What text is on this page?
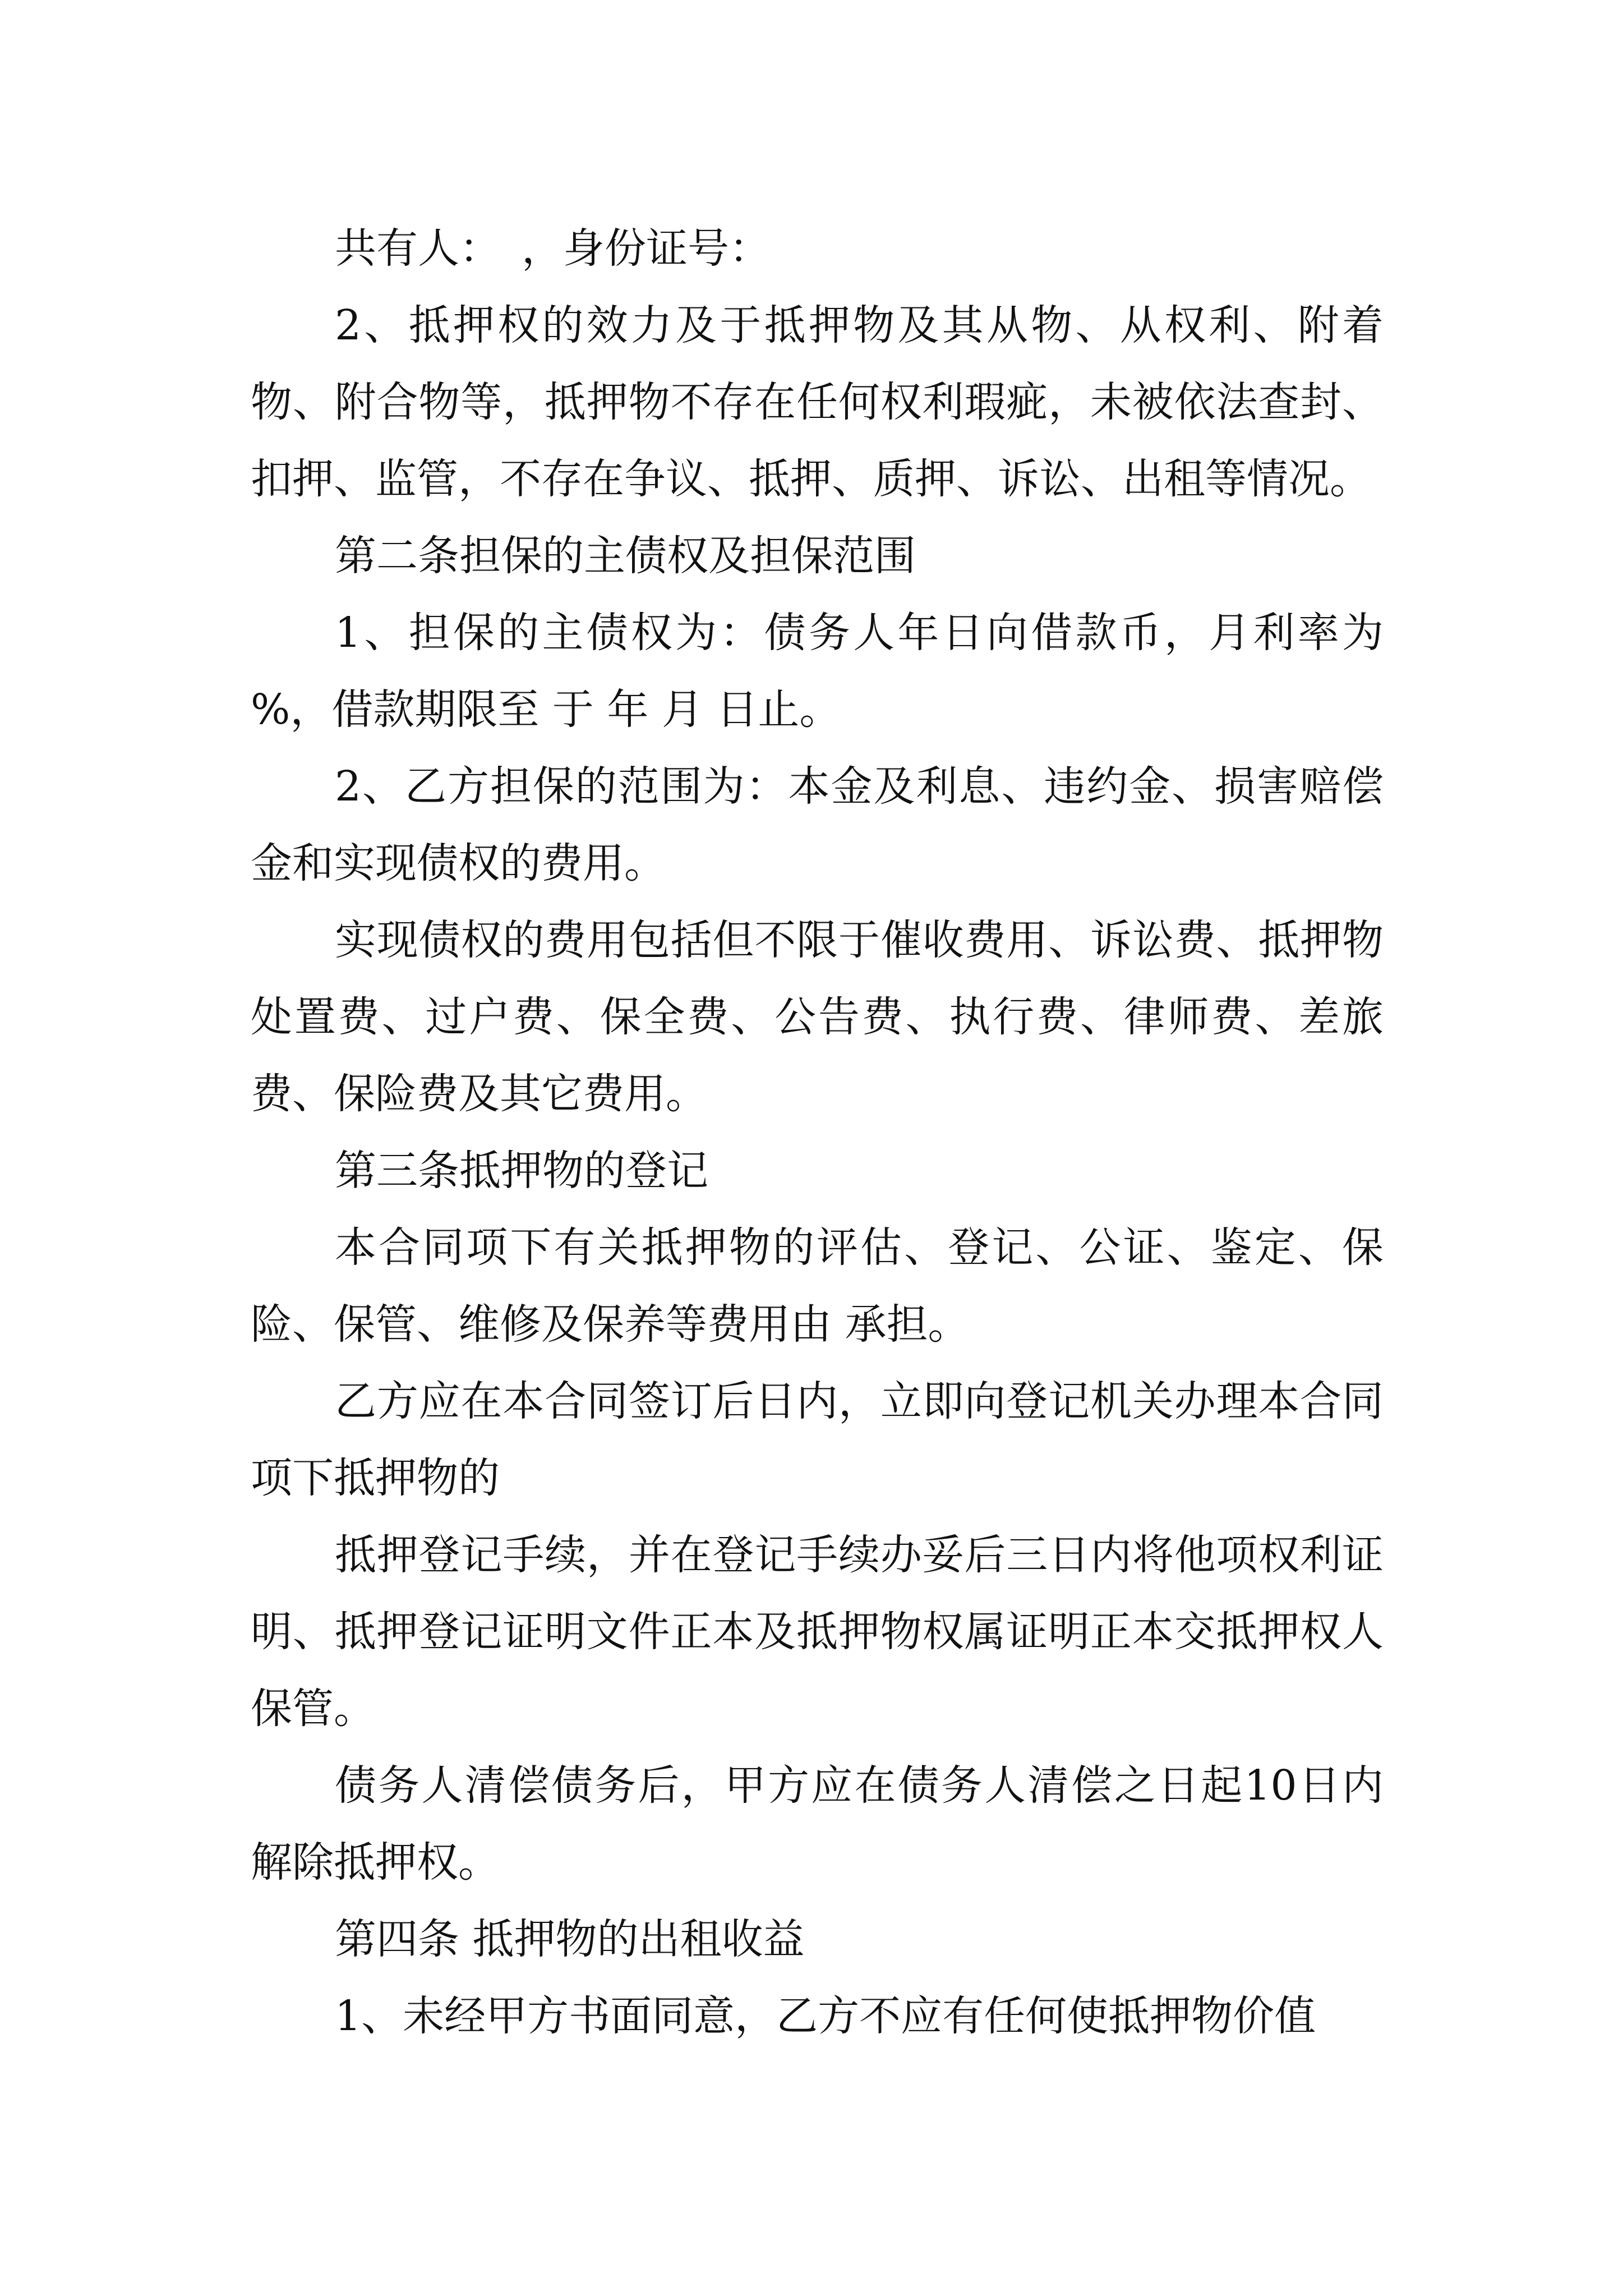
共有人：　，身份证号：

2、抵押权的效力及于抵押物及其从物、从权利、附着物、附合物等，抵押物不存在任何权利瑕疵，未被依法查封、扣押、监管，不存在争议、抵押、质押、诉讼、出租等情况。

第二条担保的主债权及担保范围

1、担保的主债权为：债务人年日向借款币，月利率为 %，借款期限至 于 年 月 日止。

2、乙方担保的范围为：本金及利息、违约金、损害赔偿金和实现债权的费用。

实现债权的费用包括但不限于催收费用、诉讼费、抵押物处置费、过户费、保全费、公告费、执行费、律师费、差旅费、保险费及其它费用。

第三条抵押物的登记

本合同项下有关抵押物的评估、登记、公证、鉴定、保险、保管、维修及保养等费用由 承担。

乙方应在本合同签订后日内，立即向登记机关办理本合同项下抵押物的

抵押登记手续，并在登记手续办妥后三日内将他项权利证明、抵押登记证明文件正本及抵押物权属证明正本交抵押权人保管。

债务人清偿债务后，甲方应在债务人清偿之日起10日内解除抵押权。

第四条 抵押物的出租收益

1、未经甲方书面同意，乙方不应有任何使抵押物价值
